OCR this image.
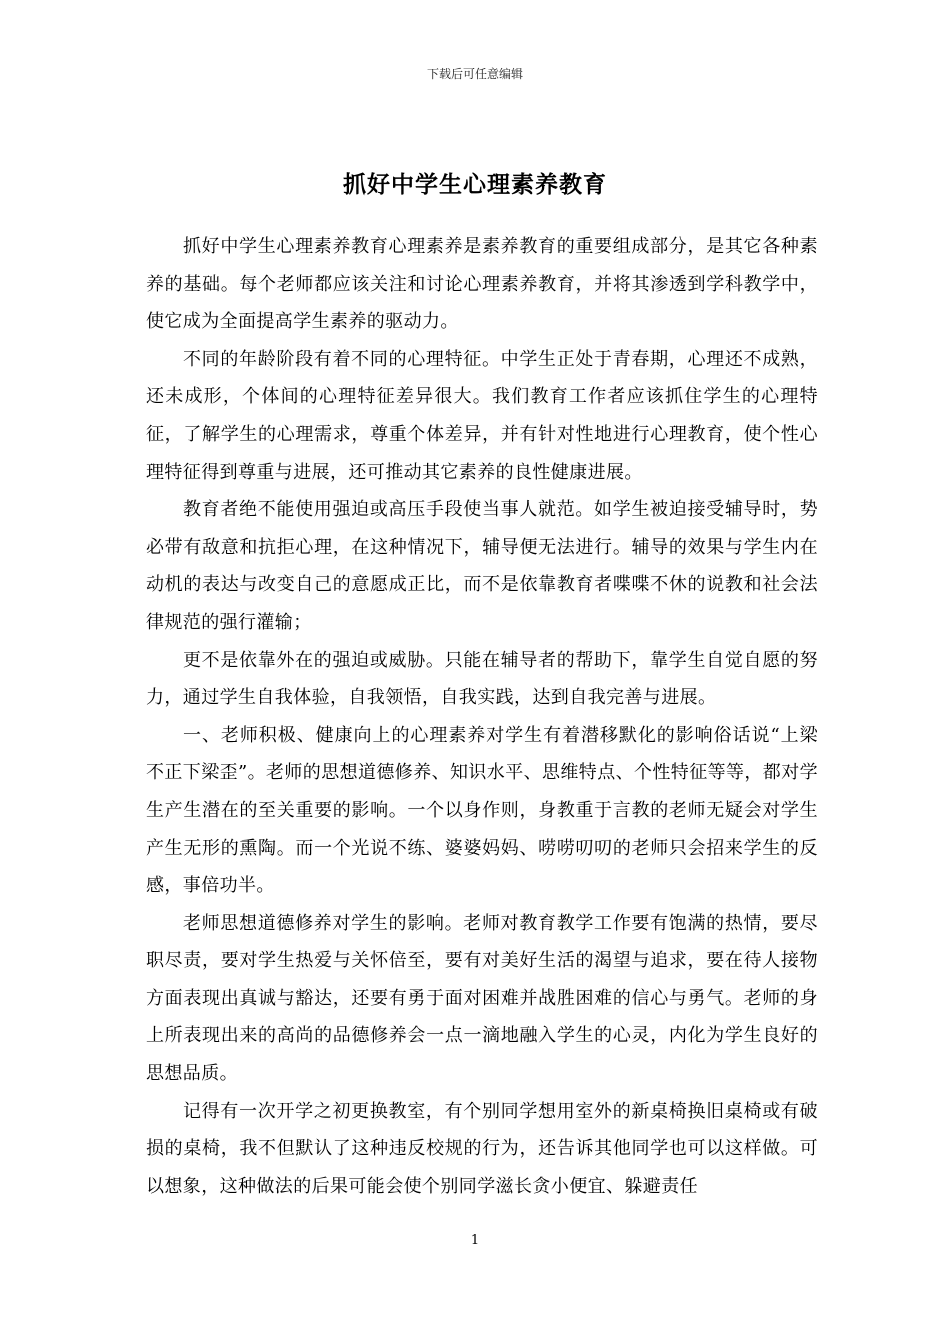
下载后可任意编辑
抓好中学生心理素养教育

抓好中学生心理素养教育心理素养是素养教育的重要组成部分，是其它各种素养的基础。每个老师都应该关注和讨论心理素养教育，并将其渗透到学科教学中，使它成为全面提高学生素养的驱动力。

不同的年龄阶段有着不同的心理特征。中学生正处于青春期，心理还不成熟，还未成形，个体间的心理特征差异很大。我们教育工作者应该抓住学生的心理特征，了解学生的心理需求，尊重个体差异，并有针对性地进行心理教育，使个性心理特征得到尊重与进展，还可推动其它素养的良性健康进展。

教育者绝不能使用强迫或高压手段使当事人就范。如学生被迫接受辅导时，势必带有敌意和抗拒心理，在这种情况下，辅导便无法进行。辅导的效果与学生内在动机的表达与改变自己的意愿成正比，而不是依靠教育者喋喋不休的说教和社会法律规范的强行灌输；

更不是依靠外在的强迫或威胁。只能在辅导者的帮助下，靠学生自觉自愿的努力，通过学生自我体验，自我领悟，自我实践，达到自我完善与进展。

一、老师积极、健康向上的心理素养对学生有着潜移默化的影响俗话说“上梁不正下梁歪”。老师的思想道德修养、知识水平、思维特点、个性特征等等，都对学生产生潜在的至关重要的影响。一个以身作则，身教重于言教的老师无疑会对学生产生无形的熏陶。而一个光说不练、婆婆妈妈、唠唠叨叨的老师只会招来学生的反感，事倍功半。

老师思想道德修养对学生的影响。老师对教育教学工作要有饱满的热情，要尽职尽责，要对学生热爱与关怀倍至，要有对美好生活的渴望与追求，要在待人接物方面表现出真诚与豁达，还要有勇于面对困难并战胜困难的信心与勇气。老师的身上所表现出来的高尚的品德修养会一点一滴地融入学生的心灵，内化为学生良好的思想品质。

记得有一次开学之初更换教室，有个别同学想用室外的新桌椅换旧桌椅或有破损的桌椅，我不但默认了这种违反校规的行为，还告诉其他同学也可以这样做。可以想象，这种做法的后果可能会使个别同学滋长贪小便宜、躲避责任

1
